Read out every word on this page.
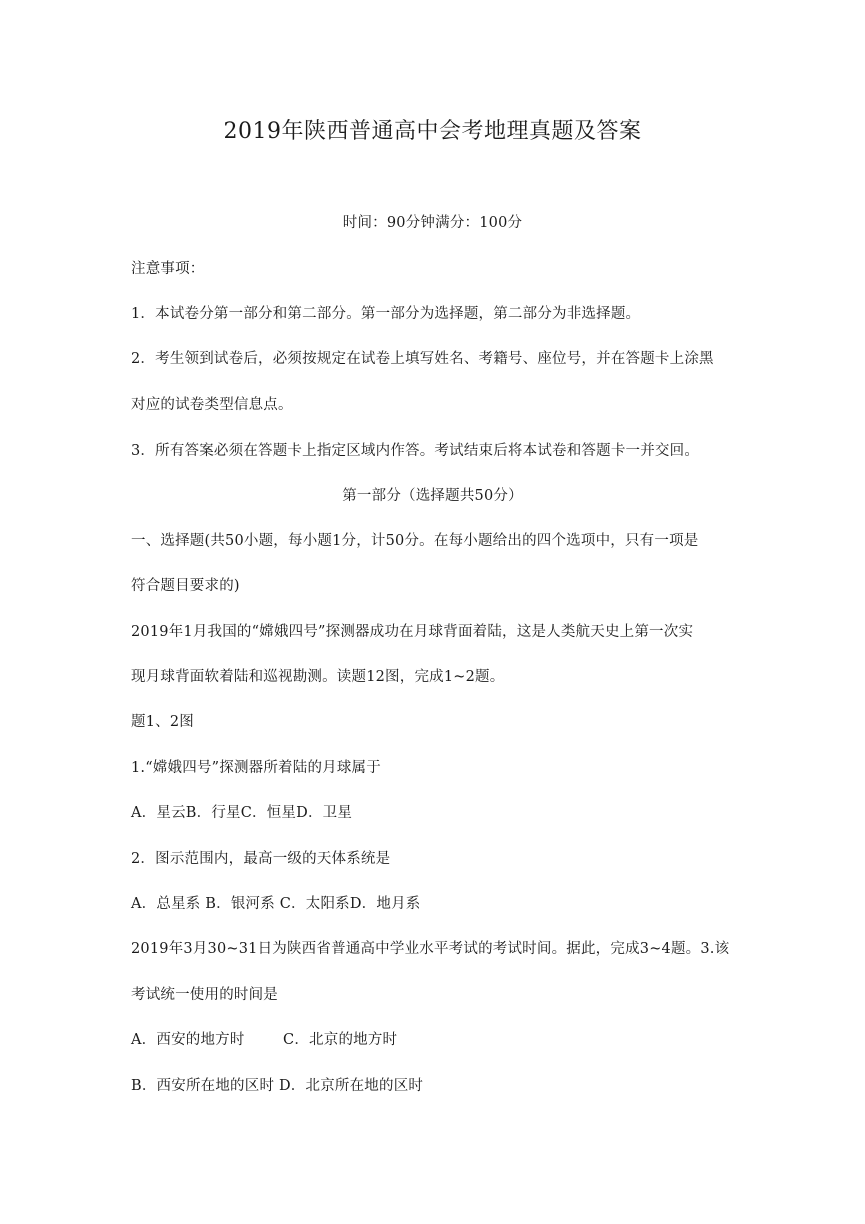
2019年陕西普通高中会考地理真题及答案
时间：90分钟满分：100分
注意事项：
1．本试卷分第一部分和第二部分。第一部分为选择题，第二部分为非选择题。
2．考生领到试卷后，必须按规定在试卷上填写姓名、考籍号、座位号，并在答题卡上涂黑
对应的试卷类型信息点。
3．所有答案必须在答题卡上指定区域内作答。考试结束后将本试卷和答题卡一并交回。
第一部分（选择题共50分）
一、选择题(共50小题，每小题1分，计50分。在每小题给出的四个选项中，只有一项是
符合题目要求的)
2019年1月我国的“嫦娥四号”探测器成功在月球背面着陆，这是人类航天史上第一次实
现月球背面软着陆和巡视勘测。读题12图，完成1~2题。
题1、2图
1.“嫦娥四号”探测器所着陆的月球属于
A．星云B．行星C．恒星D．卫星
2．图示范围内，最高一级的天体系统是
A．总星系 B．银河系 C．太阳系D．地月系
2019年3月30~31日为陕西省普通高中学业水平考试的考试时间。据此，完成3~4题。3.该
考试统一使用的时间是
A．西安的地方时        C．北京的地方时
B．西安所在地的区时 D．北京所在地的区时
